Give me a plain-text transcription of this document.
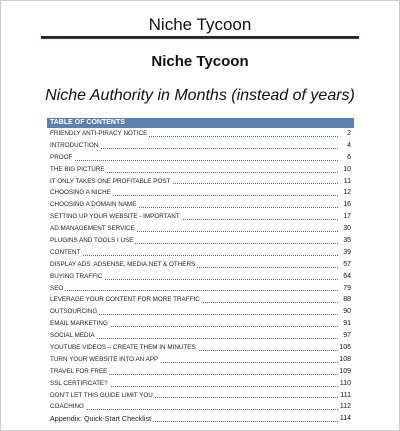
Niche Tycoon
Niche Tycoon
Niche Authority in Months (instead of years)
TABLE OF CONTENTS
FRIENDLY ANTI-PIRACY NOTICE	2
INTRODUCTION	4
PROOF	6
THE BIG PICTURE	10
IT ONLY TAKES ONE PROFITABLE POST	11
CHOOSING A NICHE	12
CHOOSING A DOMAIN NAME	16
SETTING UP YOUR WEBSITE - IMPORTANT	17
AD MANAGEMENT SERVICE	30
PLUGINS AND TOOLS I USE	35
CONTENT	39
DISPLAY ADS: ADSENSE, MEDIA.NET & OTHERS	57
BUYING TRAFFIC	64
SEO	79
LEVERAGE YOUR CONTENT FOR MORE TRAFFIC	88
OUTSOURCING	90
EMAIL MARKETING	91
SOCIAL MEDIA	97
YOUTUBE VIDEOS – CREATE THEM IN MINUTES	106
TURN YOUR WEBSITE INTO AN APP	108
TRAVEL FOR FREE	109
SSL CERTIFICATE?	110
DON'T LET THIS GUIDE LIMIT YOU	111
COACHING	112
Appendix: Quick-Start Checklist	114
